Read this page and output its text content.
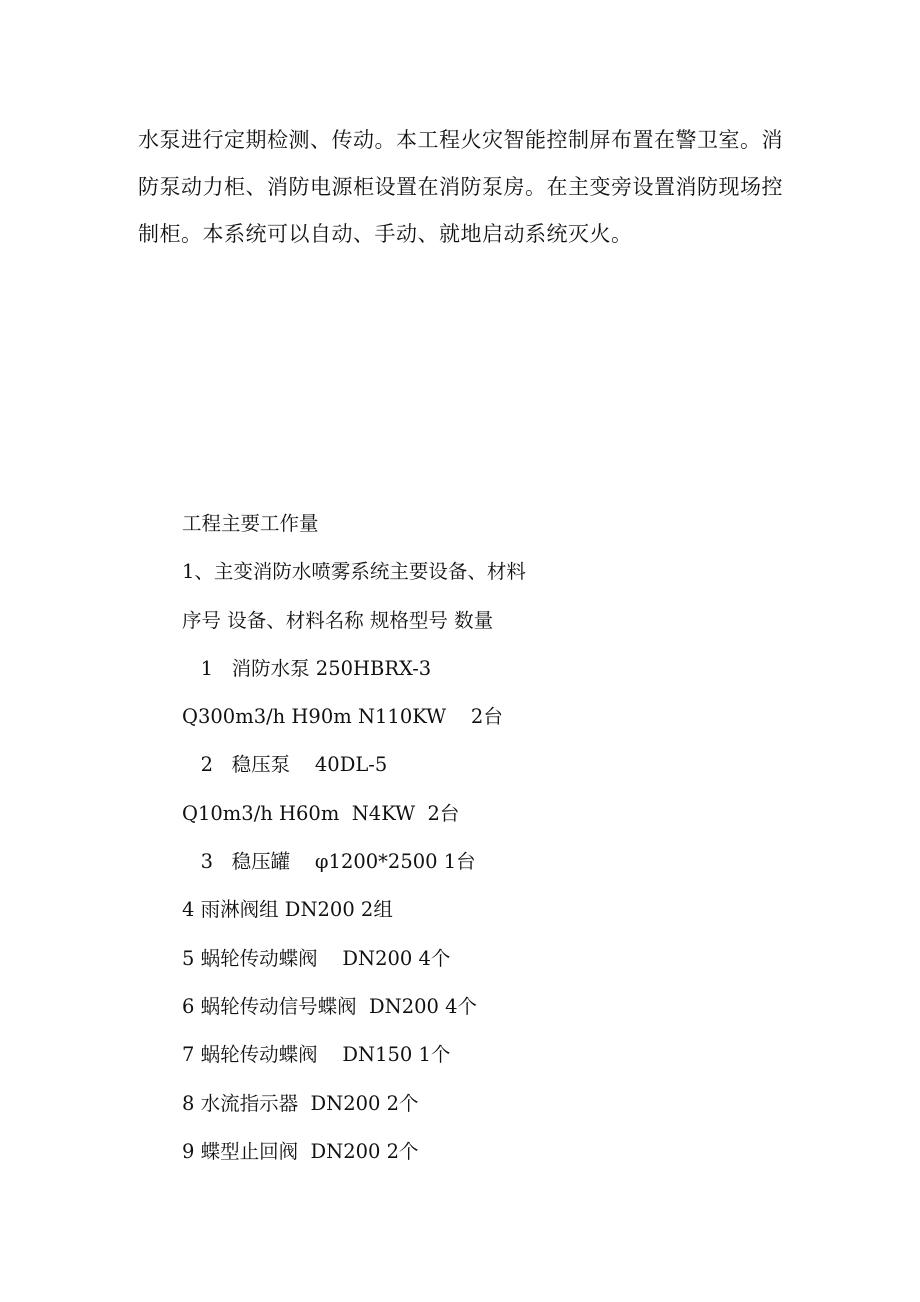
水泵进行定期检测、传动。本工程火灾智能控制屏布置在警卫室。消
防泵动力柜、消防电源柜设置在消防泵房。在主变旁设置消防现场控
制柜。本系统可以自动、手动、就地启动系统灭火。

工程主要工作量
1、主变消防水喷雾系统主要设备、材料
序号 设备、材料名称 规格型号 数量
1   消防水泵 250HBRX-3
Q300m3/h H90m N110KW    2台
2   稳压泵    40DL-5
Q10m3/h H60m  N4KW  2台
3   稳压罐    φ1200*2500 1台
4 雨淋阀组 DN200 2组
5 蜗轮传动蝶阀    DN200 4个
6 蜗轮传动信号蝶阀  DN200 4个
7 蜗轮传动蝶阀    DN150 1个
8 水流指示器  DN200 2个
9 蝶型止回阀  DN200 2个
